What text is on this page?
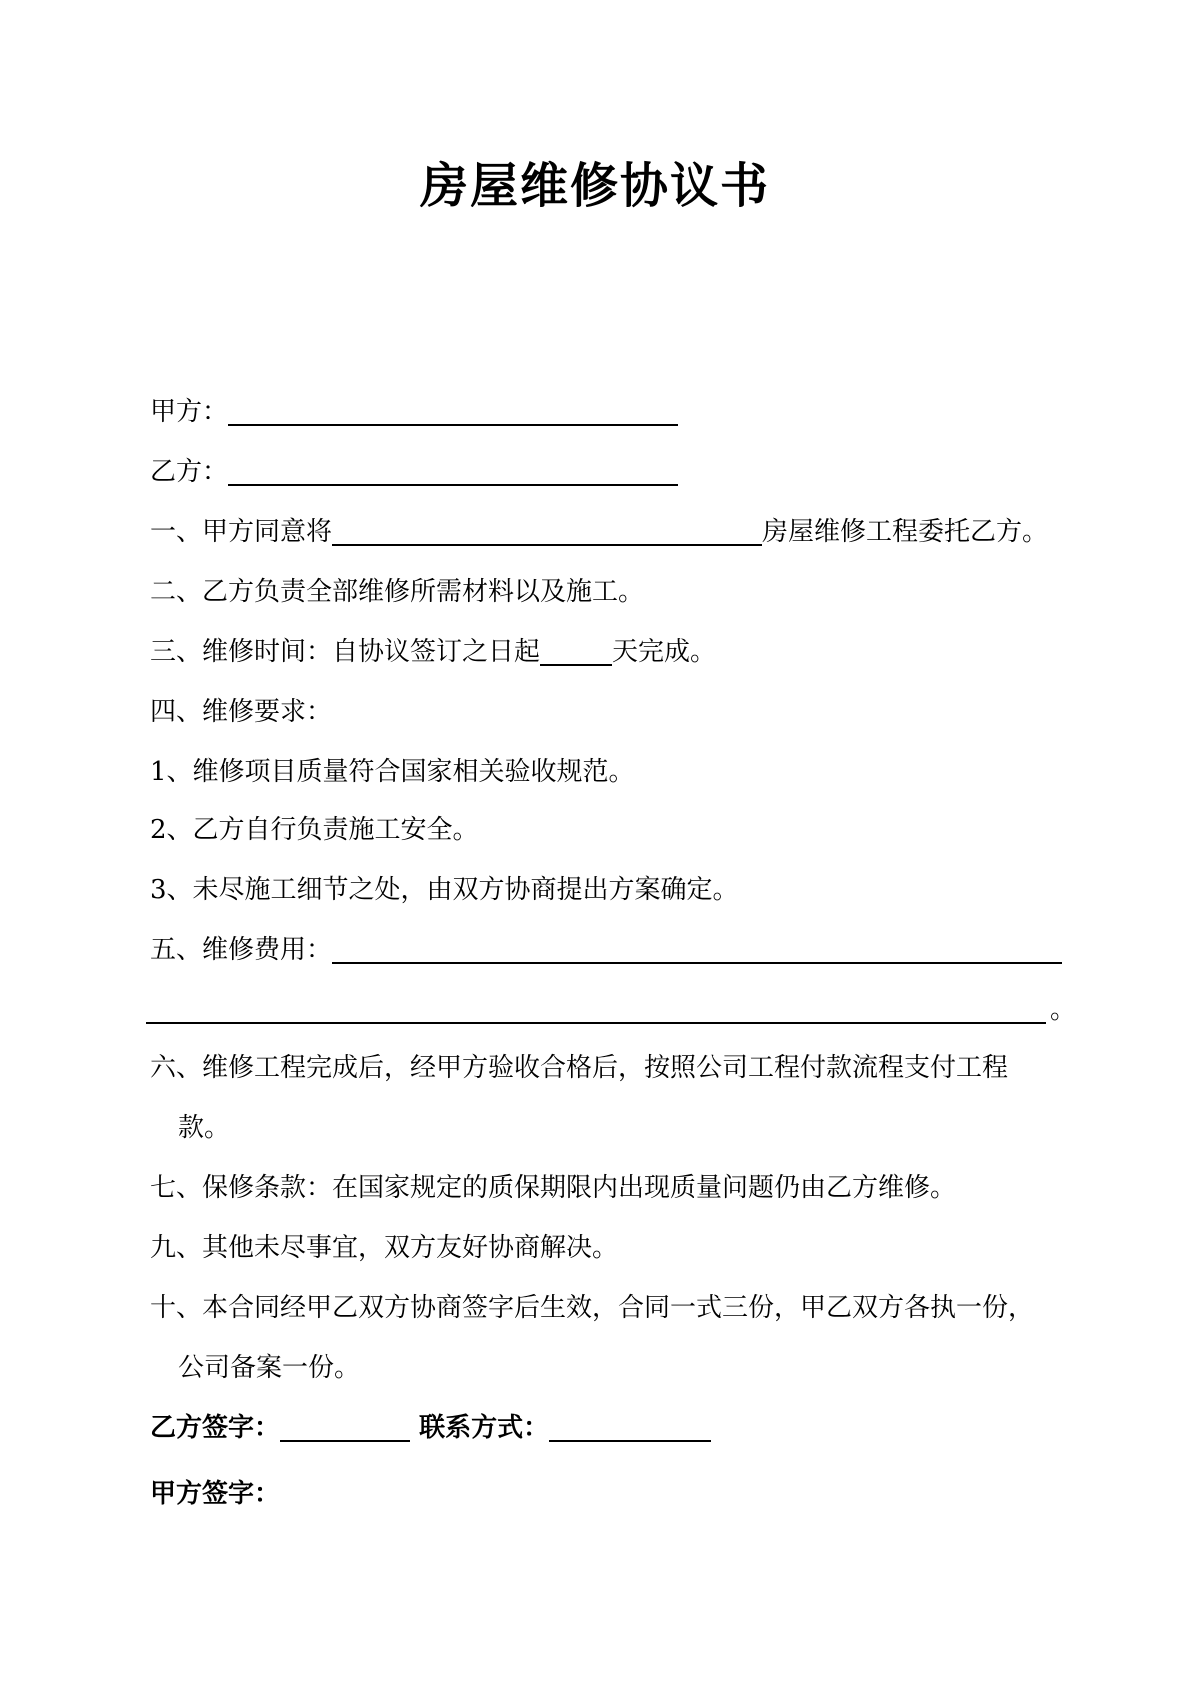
房屋维修协议书
甲方：
乙方：
一、甲方同意将	房屋维修工程委托乙方。
二、乙方负责全部维修所需材料以及施工。
三、维修时间：自协议签订之日起	天完成。
四、维修要求：
1、维修项目质量符合国家相关验收规范。
2、乙方自行负责施工安全。
3、未尽施工细节之处，由双方协商提出方案确定。
五、维修费用：
。
六、维修工程完成后，经甲方验收合格后，按照公司工程付款流程支付工程
款。
七、保修条款：在国家规定的质保期限内出现质量问题仍由乙方维修。
九、其他未尽事宜，双方友好协商解决。
十、本合同经甲乙双方协商签字后生效，合同一式三份，甲乙双方各执一份，
公司备案一份。
乙方签字：	联系方式：
甲方签字：
